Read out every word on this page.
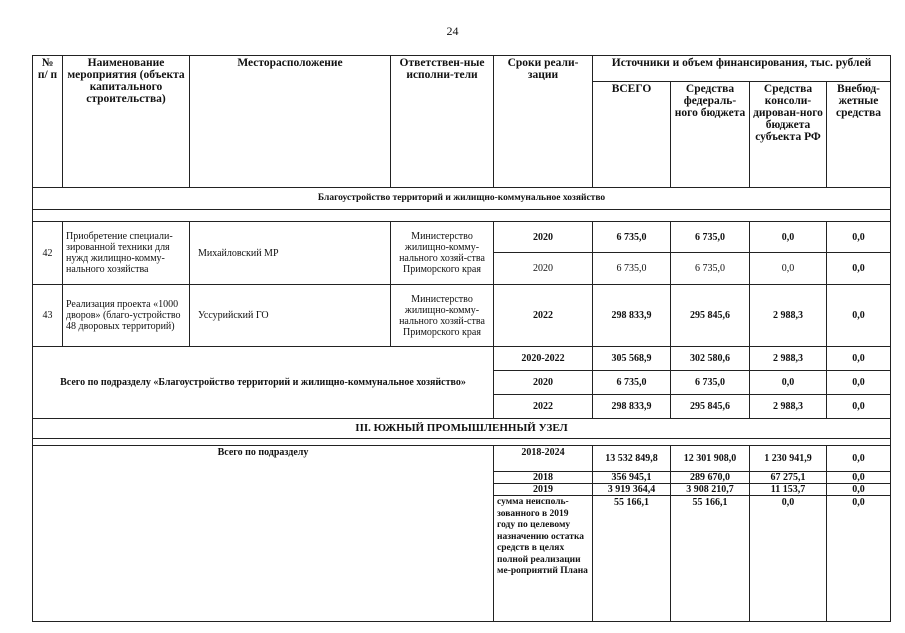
24
№ п/ п	Наименование мероприятия (объекта капитального строительства)	Месторасположение	Ответствен-ные исполни-тели	Сроки реали-зации	Источники и объем финансирования, тыс. рублей			
					ВСЕГО	Средства федераль-ного бюджета	Средства консоли-дирован-ного бюджета субъекта РФ	Внебюд-жетные средства
Благоустройство территорий и жилищно-коммунальное хозяйство								

42	Приобретение специали-зированной техники для нужд жилищно-комму-нального хозяйства	Михайловский МР	Министерство жилищно-комму-нального хозяй-ства Приморского края	2020	6 735,0	6 735,0	0,0	0,0
				2020	6 735,0	6 735,0	0,0	0,0
43	Реализация проекта «1000 дворов» (благо-устройство 48 дворовых территорий)	Уссурийский ГО	Министерство жилищно-комму-нального хозяй-ства Приморского края	2022	298 833,9	295 845,6	2 988,3	0,0
Всего по подразделу «Благоустройство территорий и жилищно-коммунальное хозяйство»				2020-2022	305 568,9	302 580,6	2 988,3	0,0
				2020	6 735,0	6 735,0	0,0	0,0
				2022	298 833,9	295 845,6	2 988,3	0,0
III. ЮЖНЫЙ ПРОМЫШЛЕННЫЙ УЗЕЛ								

Всего по подразделу				2018-2024	13 532 849,8	12 301 908,0	1 230 941,9	0,0
				2018	356 945,1	289 670,0	67 275,1	0,0
				2019	3 919 364,4	3 908 210,7	11 153,7	0,0
				сумма неисполь-зованного в 2019 году по целевому назначению остатка средств в целях полной реализации ме-роприятий Плана	55 166,1	55 166,1	0,0	0,0
